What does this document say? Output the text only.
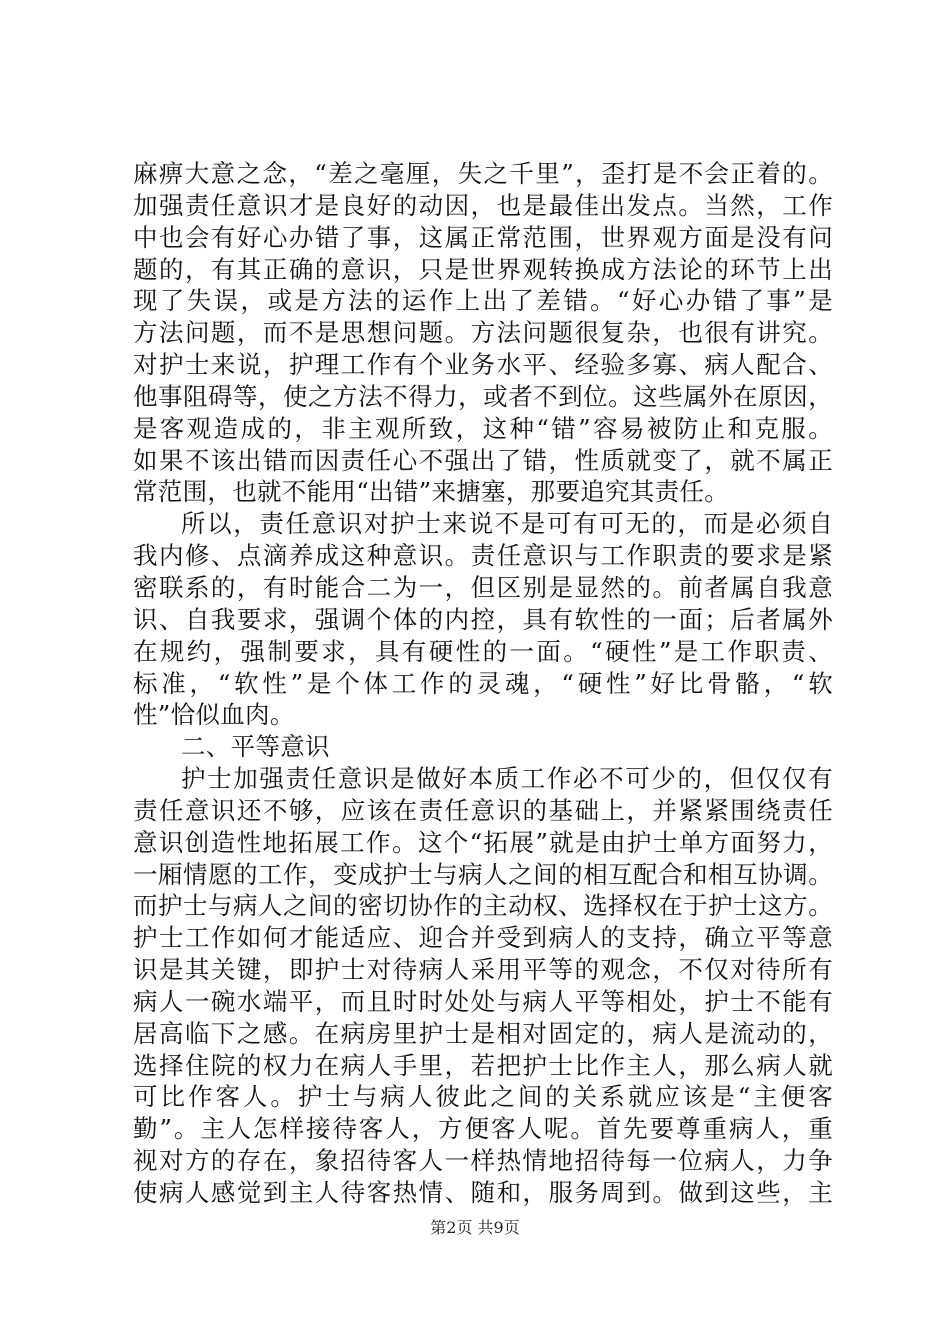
麻痹大意之念，“差之毫厘，失之千里”，歪打是不会正着的。
加强责任意识才是良好的动因，也是最佳出发点。当然，工作
中也会有好心办错了事，这属正常范围，世界观方面是没有问
题的，有其正确的意识，只是世界观转换成方法论的环节上出
现了失误，或是方法的运作上出了差错。“好心办错了事”是
方法问题，而不是思想问题。方法问题很复杂，也很有讲究。
对护士来说，护理工作有个业务水平、经验多寡、病人配合、
他事阻碍等，使之方法不得力，或者不到位。这些属外在原因，
是客观造成的，非主观所致，这种“错”容易被防止和克服。
如果不该出错而因责任心不强出了错，性质就变了，就不属正
常范围，也就不能用“出错”来搪塞，那要追究其责任。
所以，责任意识对护士来说不是可有可无的，而是必须自
我内修、点滴养成这种意识。责任意识与工作职责的要求是紧
密联系的，有时能合二为一，但区别是显然的。前者属自我意
识、自我要求，强调个体的内控，具有软性的一面；后者属外
在规约，强制要求，具有硬性的一面。“硬性”是工作职责、
标准，“软性”是个体工作的灵魂，“硬性”好比骨骼，“软
性”恰似血肉。
二、平等意识
护士加强责任意识是做好本质工作必不可少的，但仅仅有
责任意识还不够，应该在责任意识的基础上，并紧紧围绕责任
意识创造性地拓展工作。这个“拓展”就是由护士单方面努力，
一厢情愿的工作，变成护士与病人之间的相互配合和相互协调。
而护士与病人之间的密切协作的主动权、选择权在于护士这方。
护士工作如何才能适应、迎合并受到病人的支持，确立平等意
识是其关键，即护士对待病人采用平等的观念，不仅对待所有
病人一碗水端平，而且时时处处与病人平等相处，护士不能有
居高临下之感。在病房里护士是相对固定的，病人是流动的，
选择住院的权力在病人手里，若把护士比作主人，那么病人就
可比作客人。护士与病人彼此之间的关系就应该是“主便客
勤”。主人怎样接待客人，方便客人呢。首先要尊重病人，重
视对方的存在，象招待客人一样热情地招待每一位病人，力争
使病人感觉到主人待客热情、随和，服务周到。做到这些，主
第2页 共9页
